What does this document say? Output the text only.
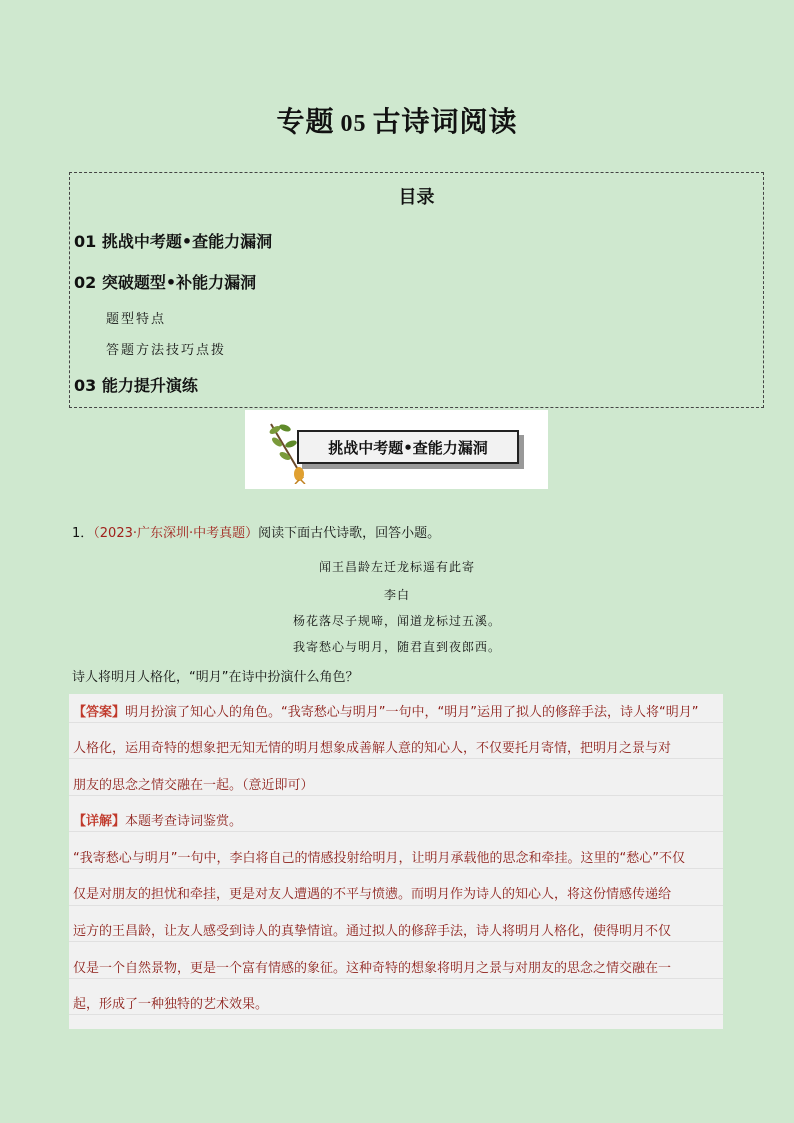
专题 05 古诗词阅读
目录
01 挑战中考题•查能力漏洞
02 突破题型•补能力漏洞
题型特点
答题方法技巧点拨
03 能力提升演练
挑战中考题•查能力漏洞
1．（2023·广东深圳·中考真题）阅读下面古代诗歌，回答小题。
闻王昌龄左迁龙标遥有此寄
李白
杨花落尽子规啼，闻道龙标过五溪。
我寄愁心与明月，随君直到夜郎西。
诗人将明月人格化，“明月”在诗中扮演什么角色？
【答案】明月扮演了知心人的角色。“我寄愁心与明月”一句中，“明月”运用了拟人的修辞手法，诗人将“明月”
人格化，运用奇特的想象把无知无情的明月想象成善解人意的知心人，不仅要托月寄情，把明月之景与对
朋友的思念之情交融在一起。（意近即可）
【详解】本题考查诗词鉴赏。
“我寄愁心与明月”一句中，李白将自己的情感投射给明月，让明月承载他的思念和牵挂。这里的“愁心”不仅
仅是对朋友的担忧和牵挂，更是对友人遭遇的不平与愤懑。而明月作为诗人的知心人，将这份情感传递给
远方的王昌龄，让友人感受到诗人的真挚情谊。通过拟人的修辞手法，诗人将明月人格化，使得明月不仅
仅是一个自然景物，更是一个富有情感的象征。这种奇特的想象将明月之景与对朋友的思念之情交融在一
起，形成了一种独特的艺术效果。
